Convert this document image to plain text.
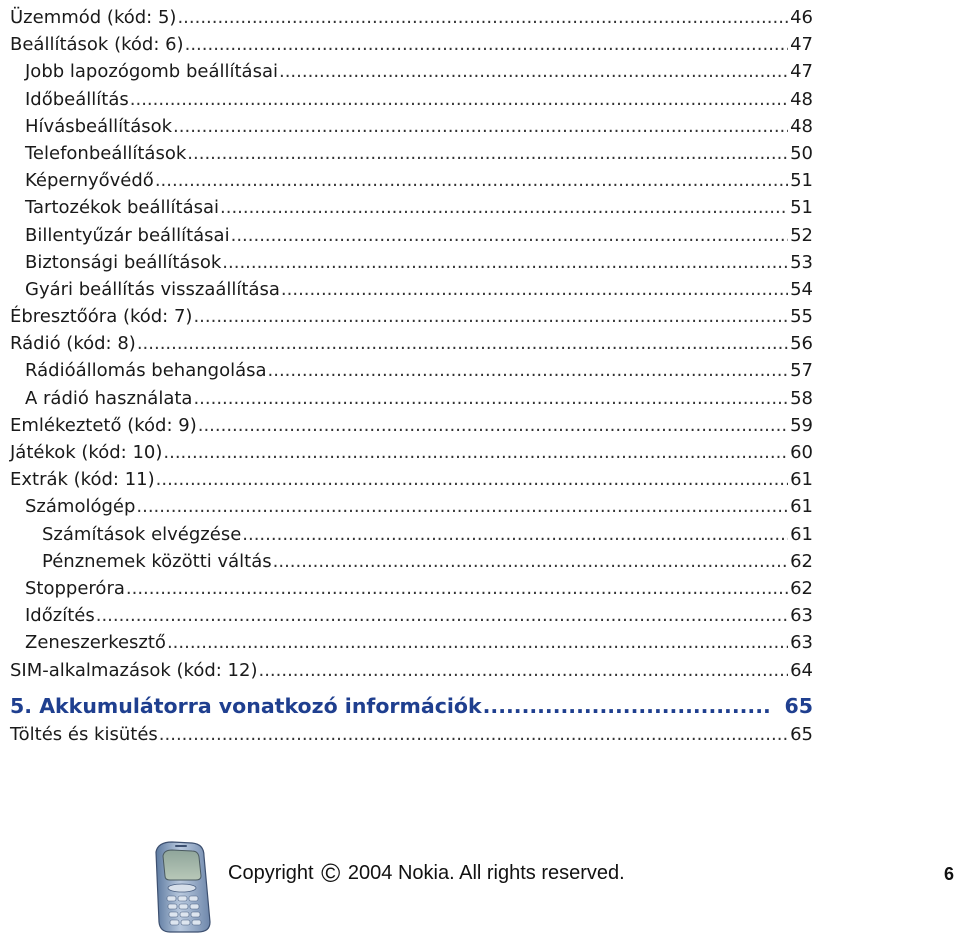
Üzemmód (kód: 5) .....	46
Beállítások (kód: 6) .....	47
Jobb lapozógomb beállításai .....	47
Időbeállítás .....	48
Hívásbeállítások .....	48
Telefonbeállítások .....	50
Képernyővédő .....	51
Tartozékok beállításai .....	51
Billentyűzár beállításai .....	52
Biztonsági beállítások .....	53
Gyári beállítás visszaállítása .....	54
Ébresztőóra (kód: 7) .....	55
Rádió (kód: 8) .....	56
Rádióállomás behangolása .....	57
A rádió használata .....	58
Emlékeztető (kód: 9) .....	59
Játékok (kód: 10) .....	60
Extrák (kód: 11) .....	61
Számológép .....	61
Számítások elvégzése .....	61
Pénznemek közötti váltás .....	62
Stopperóra .....	62
Időzítés .....	63
Zeneszerkesztő .....	63
SIM-alkalmazások (kód: 12) .....	64
5. Akkumulátorra vonatkozó információk .....	65
Töltés és kisütés .....	65
Copyright © 2004 Nokia. All rights reserved.	6
